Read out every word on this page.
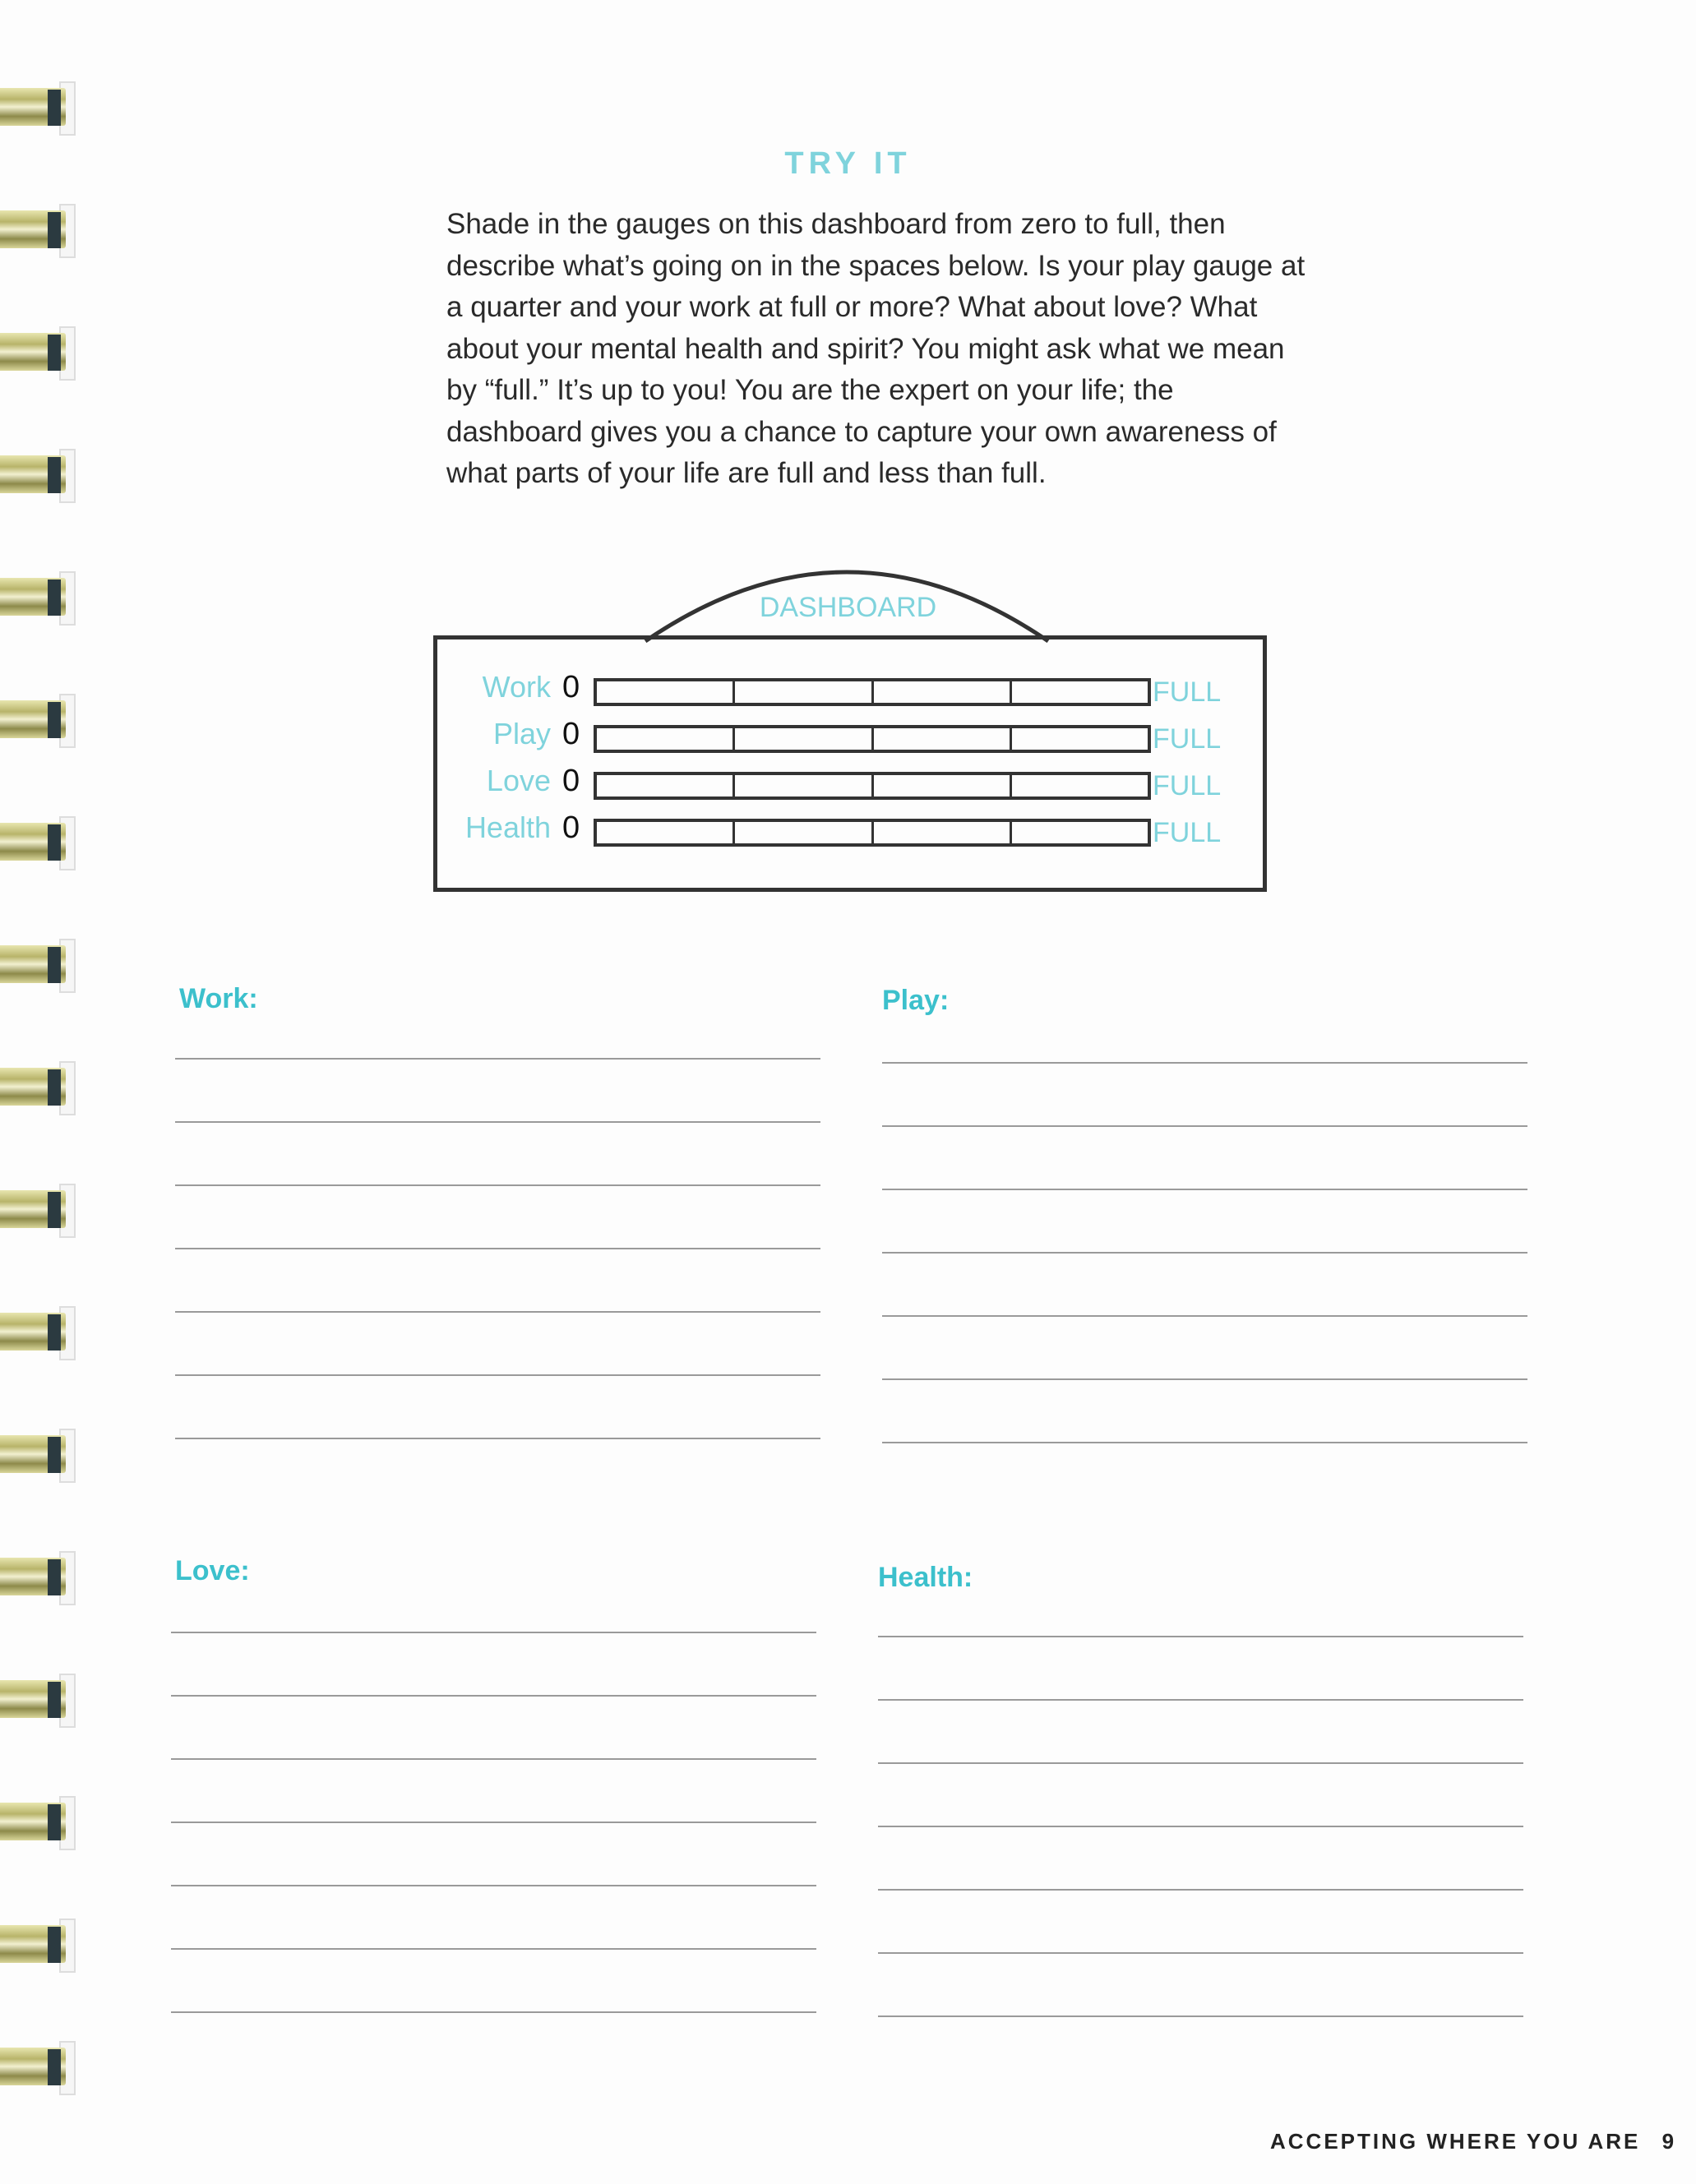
TRY IT
Shade in the gauges on this dashboard from zero to full, then describe what’s going on in the spaces below. Is your play gauge at a quarter and your work at full or more? What about love? What about your mental health and spirit? You might ask what we mean by “full.” It’s up to you! You are the expert on your life; the dashboard gives you a chance to capture your own awareness of what parts of your life are full and less than full.
DASHBOARD
Work 0	FULL
Play 0	FULL
Love 0	FULL
Health 0	FULL
Work:	Play:
Love:	Health:
ACCEPTING WHERE YOU ARE 9
